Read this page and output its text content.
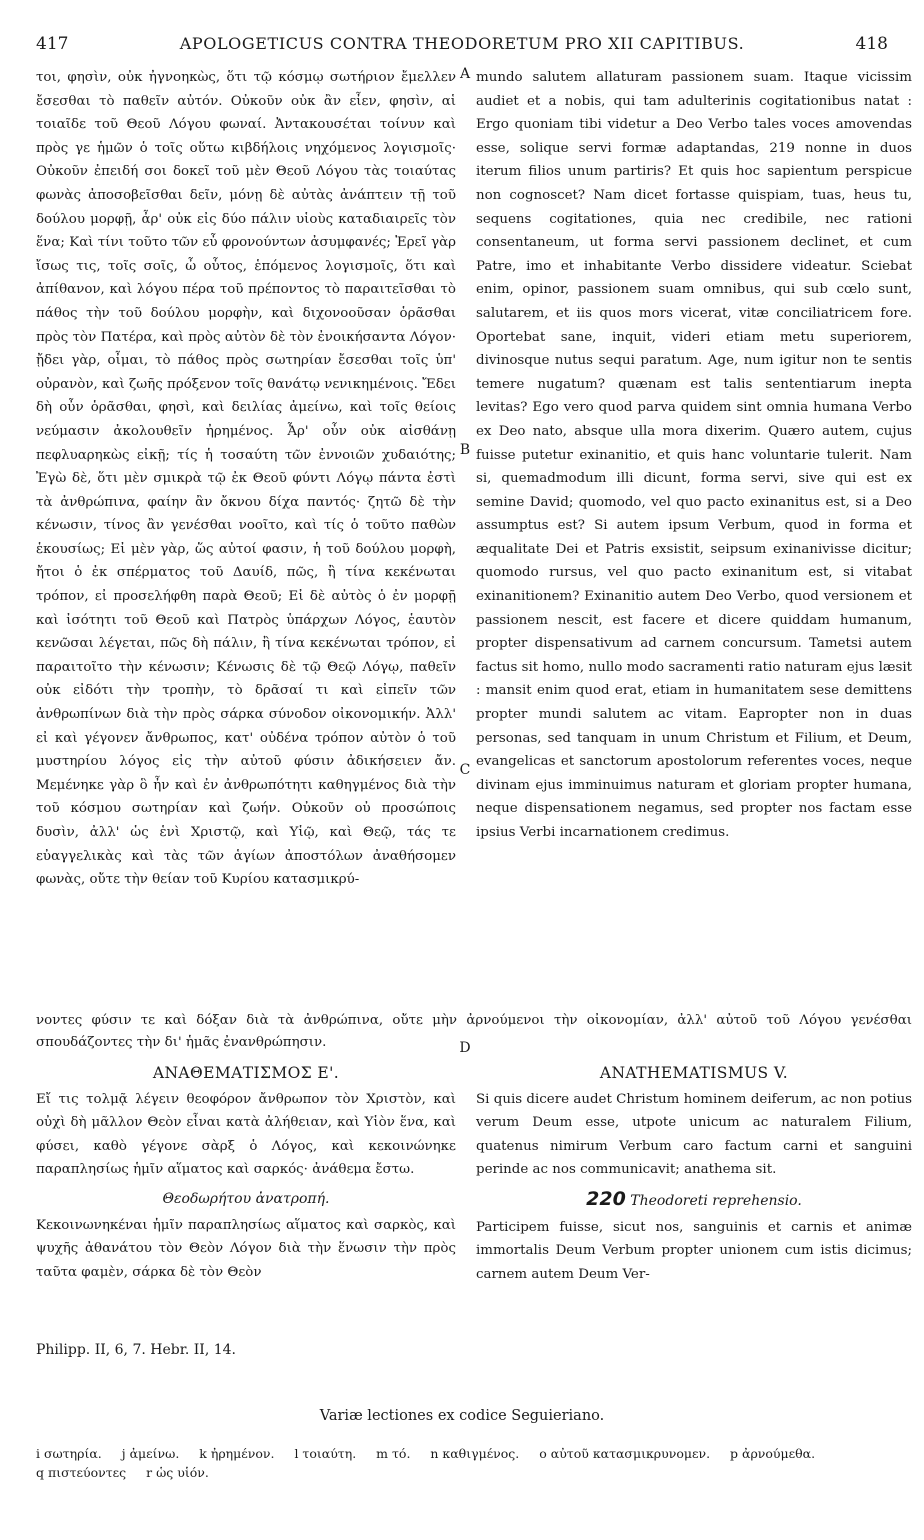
417	APOLOGETICUS CONTRA THEODORETUM PRO XII CAPITIBUS.	418

τοι, φησὶν, οὐκ ἠγνοηκὼς, ὅτι τῷ κόσμῳ σωτήριον ἔμελλεν ἔσεσθαι τὸ παθεῖν αὐτόν. Οὐκοῦν οὐκ ἂν εἶεν, φησὶν, αἱ τοιαῖδε τοῦ Θεοῦ Λόγου φωναί. Ἀντακουσέται τοίνυν καὶ πρὸς γε ἡμῶν ὁ τοῖς οὕτω κιβδήλοις νηχόμενος λογισμοῖς· Οὐκοῦν ἐπειδή σοι δοκεῖ τοῦ μὲν Θεοῦ Λόγου τὰς τοιαύτας φωνὰς ἀποσοβεῖσθαι δεῖν, μόνῃ δὲ αὐτὰς ἀνάπτειν τῇ τοῦ δούλου μορφῇ, ἆρ' οὐκ εἰς δύο πάλιν υἱοὺς καταδιαιρεῖς τὸν ἕνα; Καὶ τίνι τοῦτο τῶν εὖ φρονούντων ἀσυμφανές; Ἐρεῖ γὰρ ἴσως τις, τοῖς σοῖς, ὦ οὗτος, ἑπόμενος λογισμοῖς, ὅτι καὶ ἀπίθανον, καὶ λόγου πέρα τοῦ πρέποντος τὸ παραιτεῖσθαι τὸ πάθος τὴν τοῦ δούλου μορφὴν, καὶ διχονοοῦσαν ὁρᾶσθαι πρὸς τὸν Πατέρα, καὶ πρὸς αὐτὸν δὲ τὸν ἐνοικήσαντα Λόγον· ᾔδει γὰρ, οἶμαι, τὸ πάθος πρὸς σωτηρίαν ἔσεσθαι τοῖς ὑπ' οὐρανὸν, καὶ ζωῆς πρόξενον τοῖς θανάτῳ νενικημένοις. Ἔδει δὴ οὖν ὁρᾶσθαι, φησὶ, καὶ δειλίας ἀμείνω, καὶ τοῖς θείοις νεύμασιν ἀκολουθεῖν ἠρημένος. Ἆρ' οὖν οὐκ αἰσθάνῃ πεφλυαρηκὼς εἰκῇ; τίς ἡ τοσαύτη τῶν ἐννοιῶν χυδαιότης; Ἐγὼ δὲ, ὅτι μὲν σμικρὰ τῷ ἐκ Θεοῦ φύντι Λόγῳ πάντα ἐστὶ τὰ ἀνθρώπινα, φαίην ἂν ὄκνου δίχα παντός· ζητῶ δὲ τὴν κένωσιν, τίνος ἂν γενέσθαι νοοῖτο, καὶ τίς ὁ τοῦτο παθὼν ἑκουσίως; Εἰ μὲν γὰρ, ὥς αὐτοί φασιν, ἡ τοῦ δούλου μορφὴ, ἤτοι ὁ ἐκ σπέρματος τοῦ Δαυίδ, πῶς, ἢ τίνα κεκένωται τρόπον, εἰ προσελήφθη παρὰ Θεοῦ; Εἰ δὲ αὐτὸς ὁ ἐν μορφῇ καὶ ἰσότητι τοῦ Θεοῦ καὶ Πατρὸς ὑπάρχων Λόγος, ἑαυτὸν κενῶσαι λέγεται, πῶς δὴ πάλιν, ἢ τίνα κεκένωται τρόπον, εἰ παραιτοῖτο τὴν κένωσιν; Κένωσις δὲ τῷ Θεῷ Λόγῳ, παθεῖν οὐκ εἰδότι τὴν τροπὴν, τὸ δρᾶσαί τι καὶ εἰπεῖν τῶν ἀνθρωπίνων διὰ τὴν πρὸς σάρκα σύνοδον οἰκονομικήν. Ἀλλ' εἰ καὶ γέγονεν ἄνθρωπος, κατ' οὐδένα τρόπον αὐτὸν ὁ τοῦ μυστηρίου λόγος εἰς τὴν αὐτοῦ φύσιν ἀδικήσειεν ἄν. Μεμένηκε γὰρ ὃ ἦν καὶ ἐν ἀνθρωπότητι καθηγμένος διὰ τὴν τοῦ κόσμου σωτηρίαν καὶ ζωήν. Οὐκοῦν οὐ προσώποις δυσὶν, ἀλλ' ὡς ἑνὶ Χριστῷ, καὶ Υἱῷ, καὶ Θεῷ, τάς τε εὐαγγελικὰς καὶ τὰς τῶν ἁγίων ἀποστόλων ἀναθήσομεν φωνὰς, οὔτε τὴν θείαν τοῦ Κυρίου κατασμικρύ-

mundo salutem allaturam passionem suam. Itaque vicissim audiet et a nobis, qui tam adulterinis cogitationibus natat : Ergo quoniam tibi videtur a Deo Verbo tales voces amovendas esse, solique servi formæ adaptandas, 219 nonne in duos iterum filios unum partiris? Et quis hoc sapientum perspicue non cognoscet? Nam dicet fortasse quispiam, tuas, heus tu, sequens cogitationes, quia nec credibile, nec rationi consentaneum, ut forma servi passionem declinet, et cum Patre, imo et inhabitante Verbo dissidere videatur. Sciebat enim, opinor, passionem suam omnibus, qui sub cœlo sunt, salutarem, et iis quos mors vicerat, vitæ conciliatricem fore. Oportebat sane, inquit, videri etiam metu superiorem, divinosque nutus sequi paratum. Age, num igitur non te sentis temere nugatum? quænam est talis sententiarum inepta levitas? Ego vero quod parva quidem sint omnia humana Verbo ex Deo nato, absque ulla mora dixerim. Quæro autem, cujus fuisse putetur exinanitio, et quis hanc voluntarie tulerit. Nam si, quemadmodum illi dicunt, forma servi, sive qui est ex semine David; quomodo, vel quo pacto exinanitus est, si a Deo assumptus est? Si autem ipsum Verbum, quod in forma et æqualitate Dei et Patris exsistit, seipsum exinanivisse dicitur; quomodo rursus, vel quo pacto exinanitum est, si vitabat exinanitionem? Exinanitio autem Deo Verbo, quod versionem et passionem nescit, est facere et dicere quiddam humanum, propter dispensativum ad carnem concursum. Tametsi autem factus sit homo, nullo modo sacramenti ratio naturam ejus læsit : mansit enim quod erat, etiam in humanitatem sese demittens propter mundi salutem ac vitam. Eapropter non in duas personas, sed tanquam in unum Christum et Filium, et Deum, evangelicas et sanctorum apostolorum referentes voces, neque divinam ejus imminuimus naturam et gloriam propter humana, neque dispensationem negamus, sed propter nos factam esse ipsius Verbi incarnationem credimus.

A
B
C
D
νοντες φύσιν τε καὶ δόξαν διὰ τὰ ἀνθρώπινα, οὔτε μὴν ἀρνούμενοι τὴν οἰκονομίαν, ἀλλ' αὐτοῦ τοῦ Λόγου γενέσθαι σπουδάζοντες τὴν δι' ἡμᾶς ἐνανθρώπησιν.

ΑΝΑΘΕΜΑΤΙΣΜΟΣ Ε'.

Εἴ τις τολμᾷ λέγειν θεοφόρον ἄνθρωπον τὸν Χριστὸν, καὶ οὐχὶ δὴ μᾶλλον Θεὸν εἶναι κατὰ ἀλήθειαν, καὶ Υἱὸν ἕνα, καὶ φύσει, καθὸ γέγονε σὰρξ ὁ Λόγος, καὶ κεκοινώνηκε παραπλησίως ἡμῖν αἵματος καὶ σαρκός· ἀνάθεμα ἔστω.

Θεοδωρήτου ἀνατροπή.

Κεκοινωνηκέναι ἡμῖν παραπλησίως αἵματος καὶ σαρκὸς, καὶ ψυχῆς ἀθανάτου τὸν Θεὸν Λόγον διὰ τὴν ἕνωσιν τὴν πρὸς ταῦτα φαμὲν, σάρκα δὲ τὸν Θεὸν

ANATHEMATISMUS V.

Si quis dicere audet Christum hominem deiferum, ac non potius verum Deum esse, utpote unicum ac naturalem Filium, quatenus nimirum Verbum caro factum carni et sanguini perinde ac nos communicavit; anathema sit.

220 Theodoreti reprehensio.

Participem fuisse, sicut nos, sanguinis et carnis et animæ immortalis Deum Verbum propter unionem cum istis dicimus; carnem autem Deum Ver-

Philipp. II, 6, 7. Hebr. II, 14.
Variæ lectiones ex codice Seguieriano.
i σωτηρία. j ἀμείνω. k ἠρημένον. l τοιαύτη. m τό. n καθιγμένος. o αὐτοῦ κατασμικρυνομεν. p ἀρνούμεθα. q πιστεύοντες r ὡς υἱόν.
